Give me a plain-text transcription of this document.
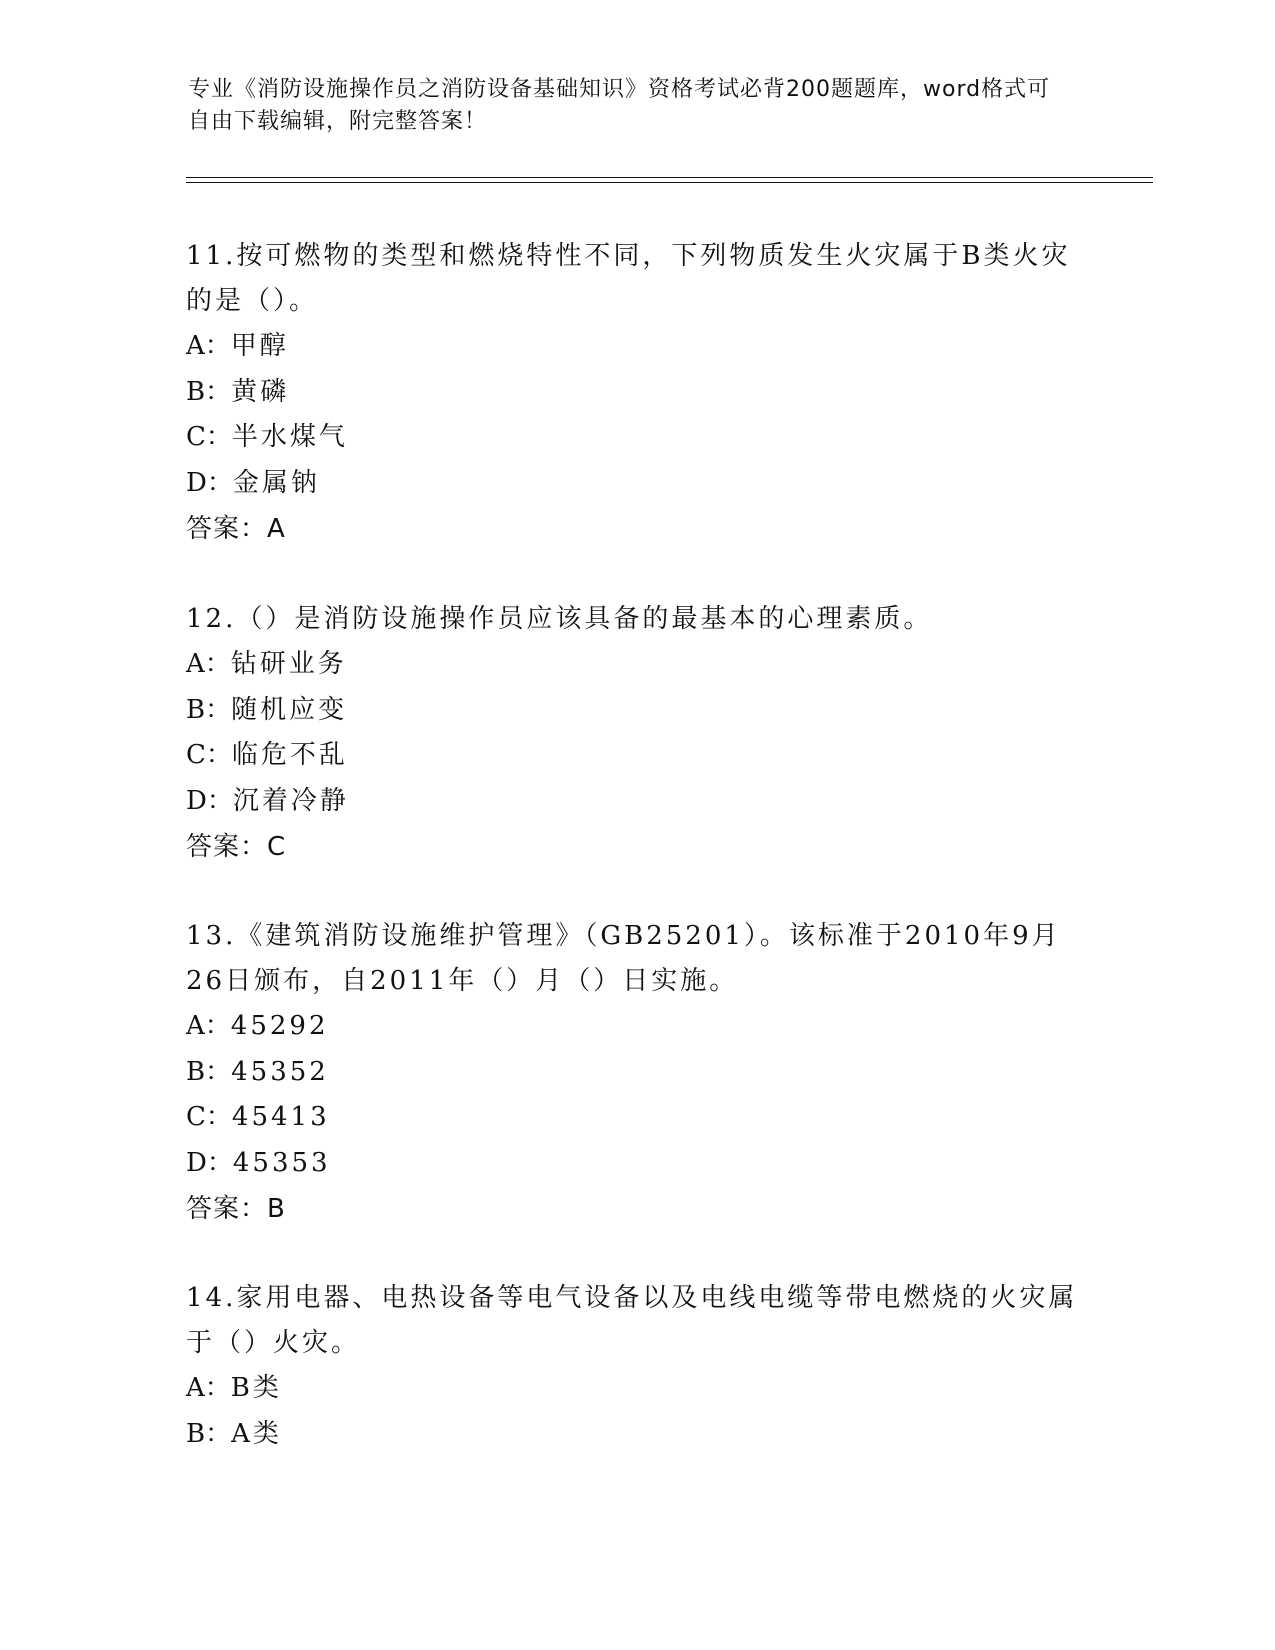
专业《消防设施操作员之消防设备基础知识》资格考试必背200题题库，word格式可自由下载编辑，附完整答案！

11.按可燃物的类型和燃烧特性不同，下列物质发生火灾属于B类火灾的是（）。

A：甲醇

B：黄磷

C：半水煤气

D：金属钠

答案：A

12.（）是消防设施操作员应该具备的最基本的心理素质。

A：钻研业务

B：随机应变

C：临危不乱

D：沉着冷静

答案：C

13.《建筑消防设施维护管理》（GB25201）。该标准于2010年9月26日颁布，自2011年（）月（）日实施。

A：45292

B：45352

C：45413

D：45353

答案：B

14.家用电器、电热设备等电气设备以及电线电缆等带电燃烧的火灾属于（）火灾。

A：B类

B：A类
